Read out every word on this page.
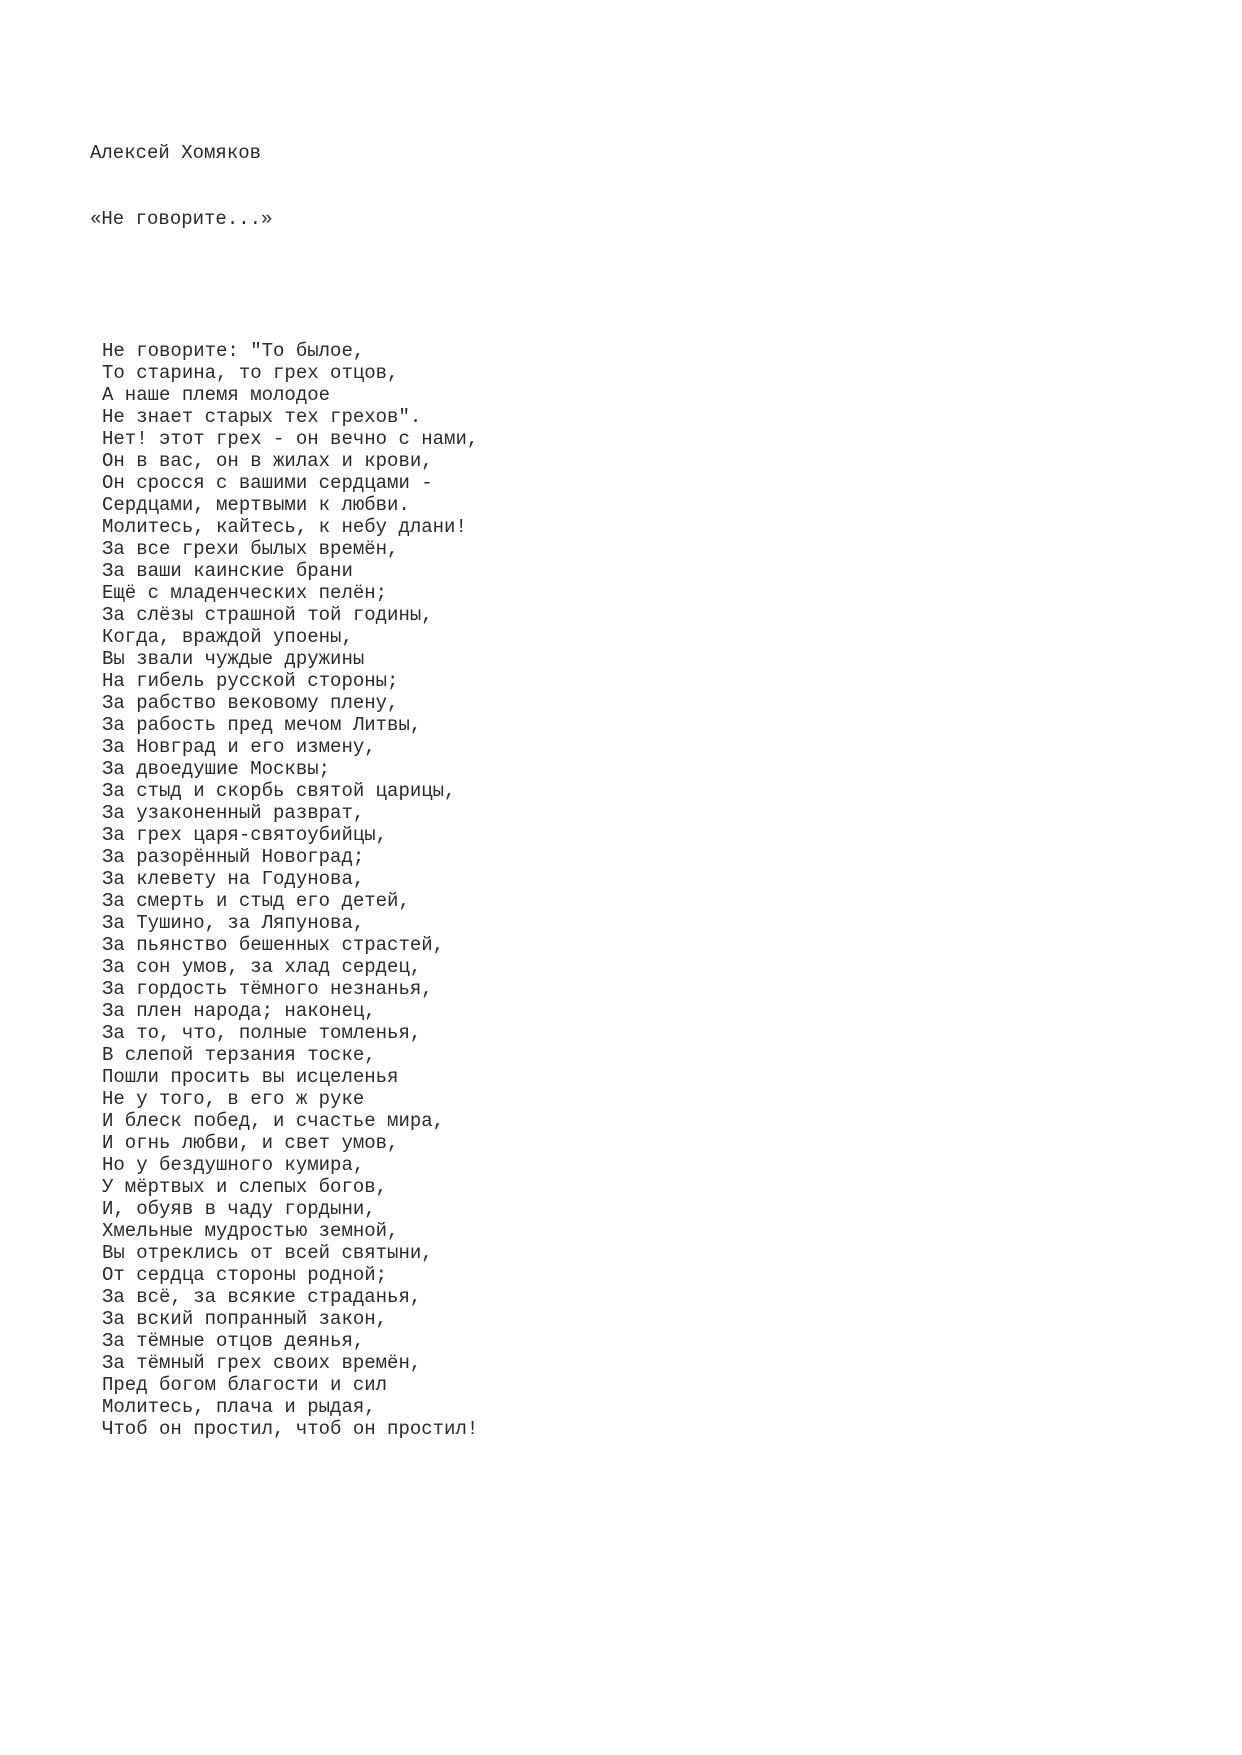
Алексей Хомяков

«Не говорите...»

Не говорите: "То былое,
То старина, то грех отцов,
А наше племя молодое
Не знает старых тех грехов".
Нет! этот грех - он вечно с нами,
Он в вас, он в жилах и крови,
Он сросся с вашими сердцами -
Сердцами, мертвыми к любви.
Молитесь, кайтесь, к небу длани!
За все грехи былых времён,
За ваши каинские брани
Ещё с младенческих пелён;
За слёзы страшной той годины,
Когда, враждой упоены,
Вы звали чуждые дружины
На гибель русской стороны;
За рабство вековому плену,
За рабость пред мечом Литвы,
За Новград и его измену,
За двоедушие Москвы;
За стыд и скорбь святой царицы,
За узаконенный разврат,
За грех царя-святоубийцы,
За разорённый Новоград;
За клевету на Годунова,
За смерть и стыд его детей,
За Тушино, за Ляпунова,
За пьянство бешенных страстей,
За сон умов, за хлад сердец,
За гордость тёмного незнанья,
За плен народа; наконец,
За то, что, полные томленья,
В слепой терзания тоске,
Пошли просить вы исцеленья
Не у того, в его ж руке
И блеск побед, и счастье мира,
И огнь любви, и свет умов,
Но у бездушного кумира,
У мёртвых и слепых богов,
И, обуяв в чаду гордыни,
Хмельные мудростью земной,
Вы отреклись от всей святыни,
От сердца стороны родной;
За всё, за всякие страданья,
За вский попранный закон,
За тёмные отцов деянья,
За тёмный грех своих времён,
Пред богом благости и сил
Молитесь, плача и рыдая,
Чтоб он простил, чтоб он простил!
